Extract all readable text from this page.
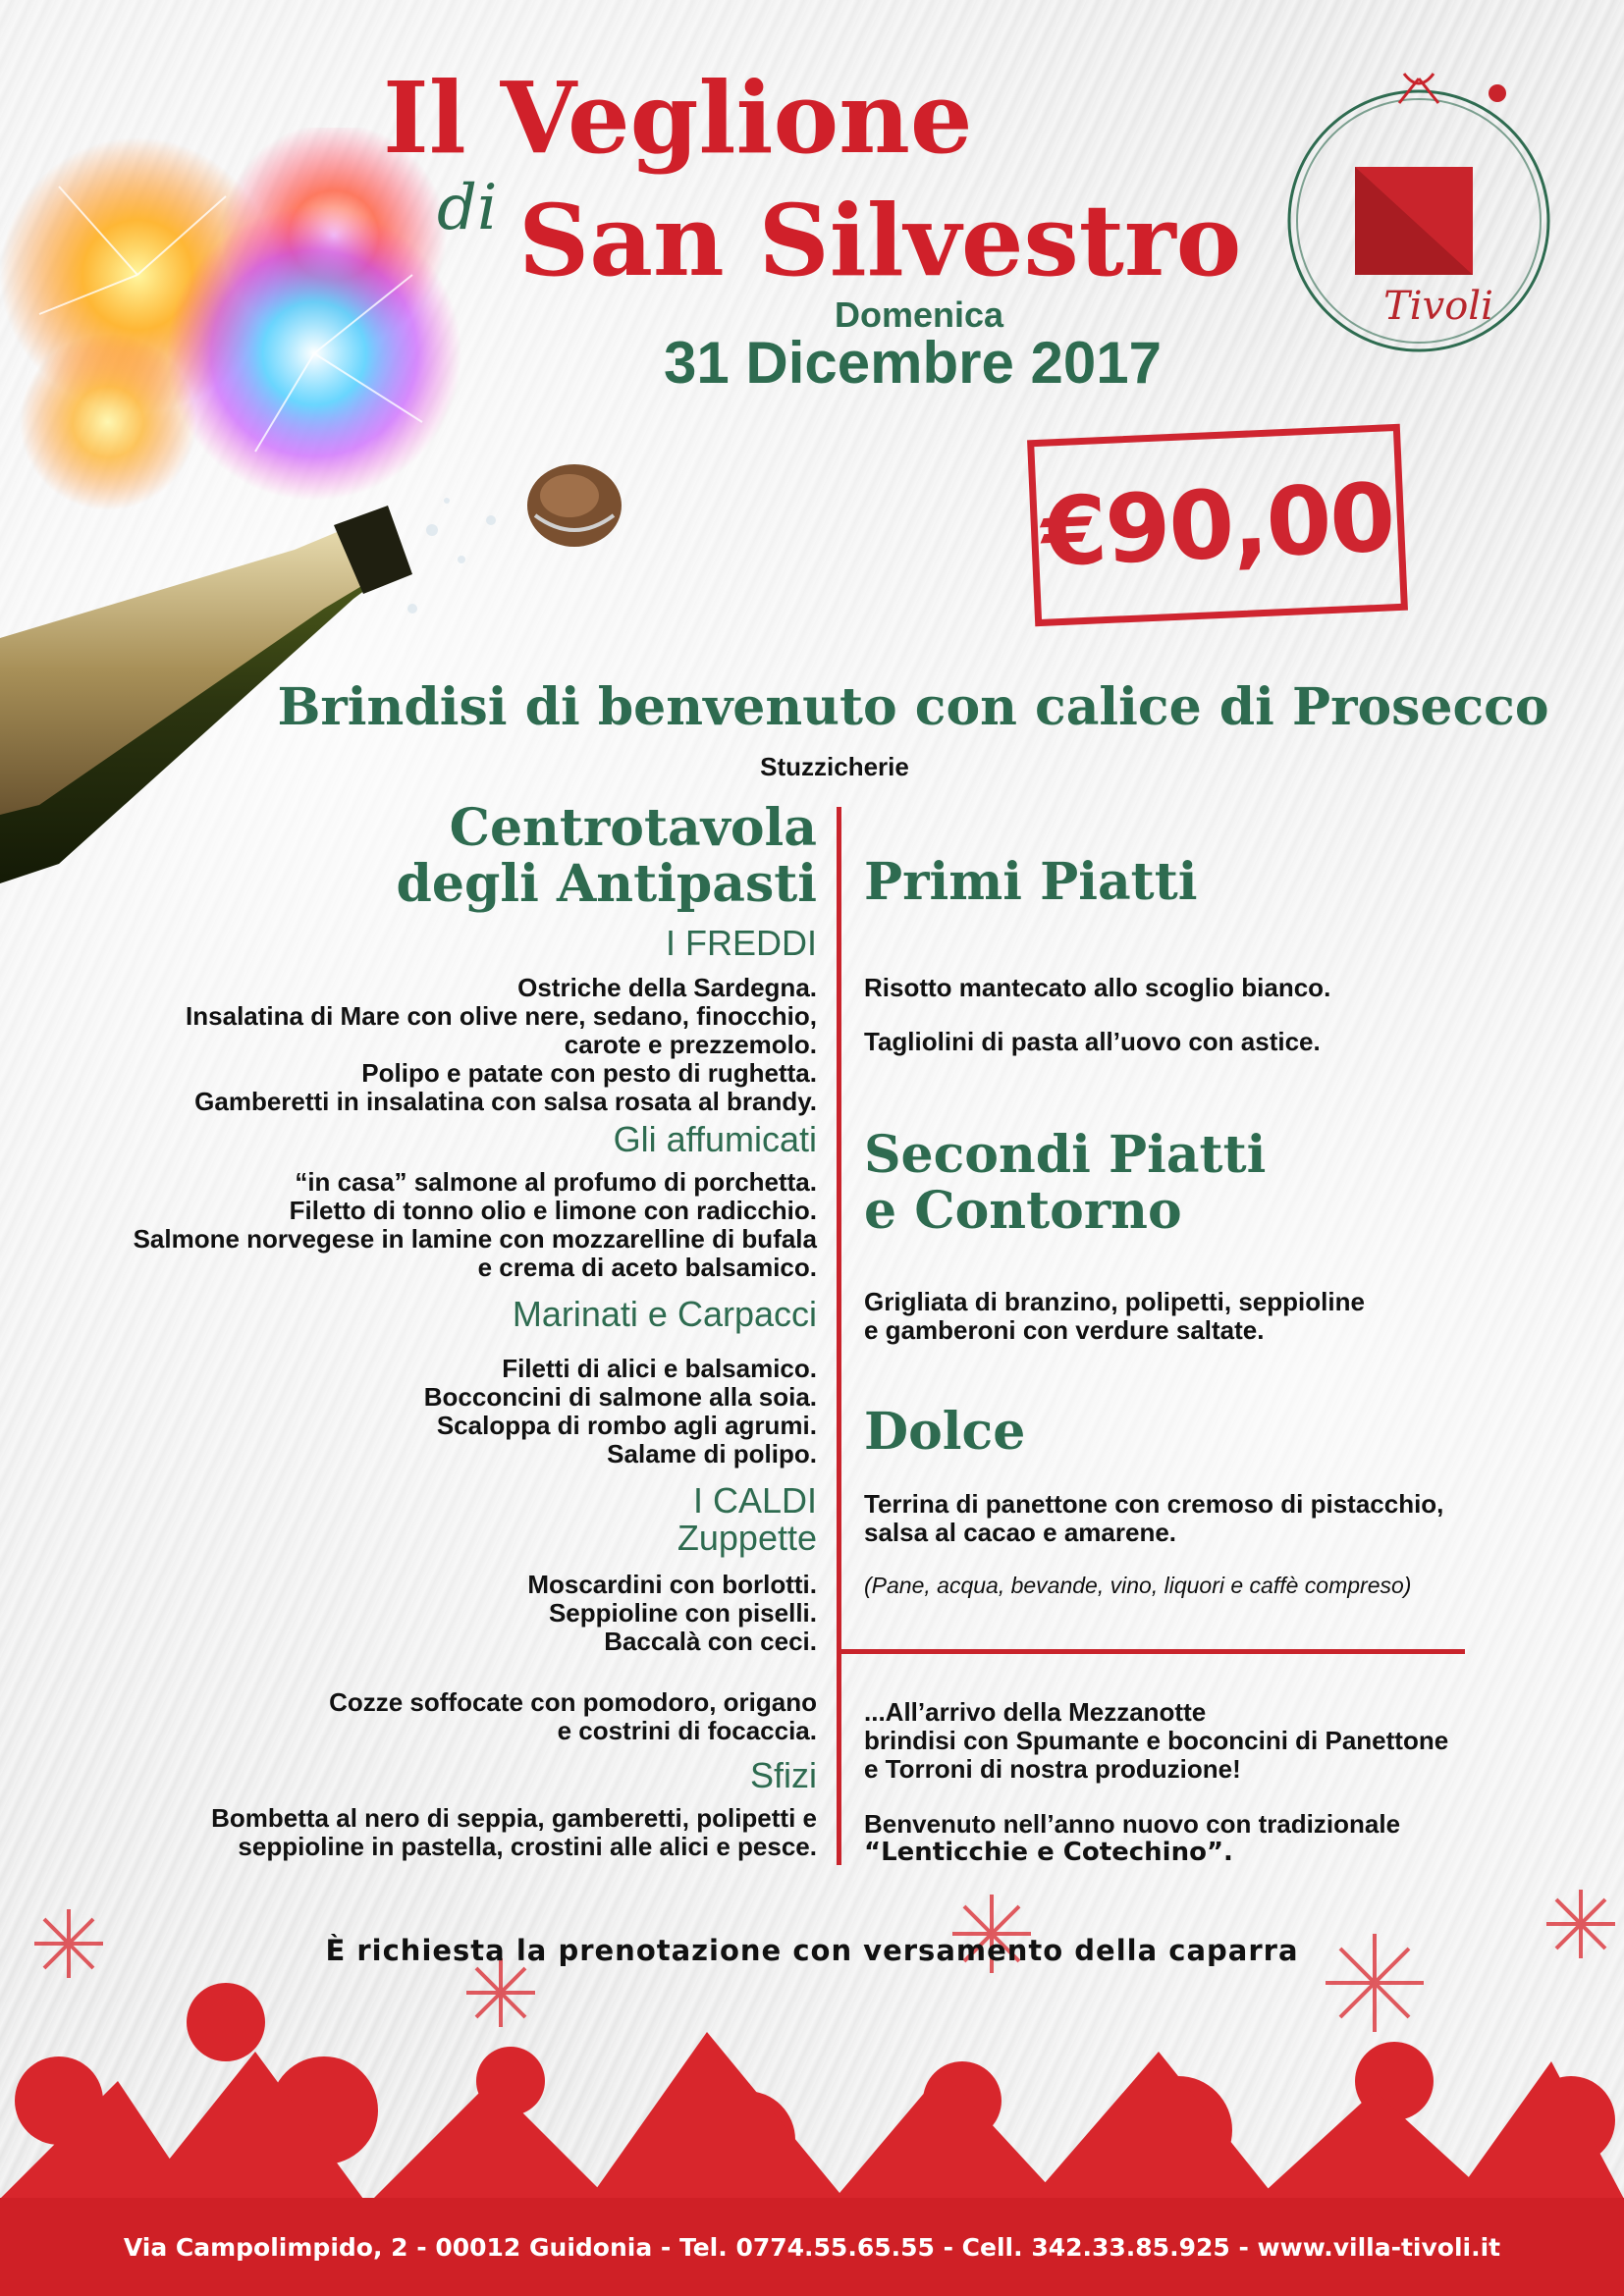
Il Veglione
di San Silvestro
Domenica
31 Dicembre 2017
Tivoli
€90,00
Brindisi di benvenuto con calice di Prosecco
Stuzzicherie
Centrotavola
degli Antipasti
I FREDDI

Ostriche della Sardegna.

Insalatina di Mare con olive nere, sedano, finocchio,

carote e prezzemolo.

Polipo e patate con pesto di rughetta.

Gamberetti in insalatina con salsa rosata al brandy.

Gli affumicati

“in casa” salmone al profumo di porchetta.

Filetto di tonno olio e limone con radicchio.

Salmone norvegese in lamine con mozzarelline di bufala

e crema di aceto balsamico.

Marinati e Carpacci

Filetti di alici e balsamico.

Bocconcini di salmone alla soia.

Scaloppa di rombo agli agrumi.

Salame di polipo.

I CALDI
Zuppette

Moscardini con borlotti.

Seppioline con piselli.

Baccalà con ceci.

Cozze soffocate con pomodoro, origano

e costrini di focaccia.

Sfizi

Bombetta al nero di seppia, gamberetti, polipetti e

seppioline in pastella, crostini alle alici e pesce.

Primi Piatti

Risotto mantecato allo scoglio bianco.

Tagliolini di pasta all’uovo con astice.

Secondi Piatti
e Contorno

Grigliata di branzino, polipetti, seppioline

e gamberoni con verdure saltate.

Dolce

Terrina di panettone con cremoso di pistacchio,

salsa al cacao e amarene.

(Pane, acqua, bevande, vino, liquori e caffè compreso)

...All’arrivo della Mezzanotte

brindisi con Spumante e boconcini di Panettone

e Torroni di nostra produzione!

Benvenuto nell’anno nuovo con tradizionale

“Lenticchie e Cotechino”.

È richiesta la prenotazione con versamento della caparra
Via Campolimpido, 2 - 00012 Guidonia - Tel. 0774.55.65.55 - Cell. 342.33.85.925 - www.villa-tivoli.it
